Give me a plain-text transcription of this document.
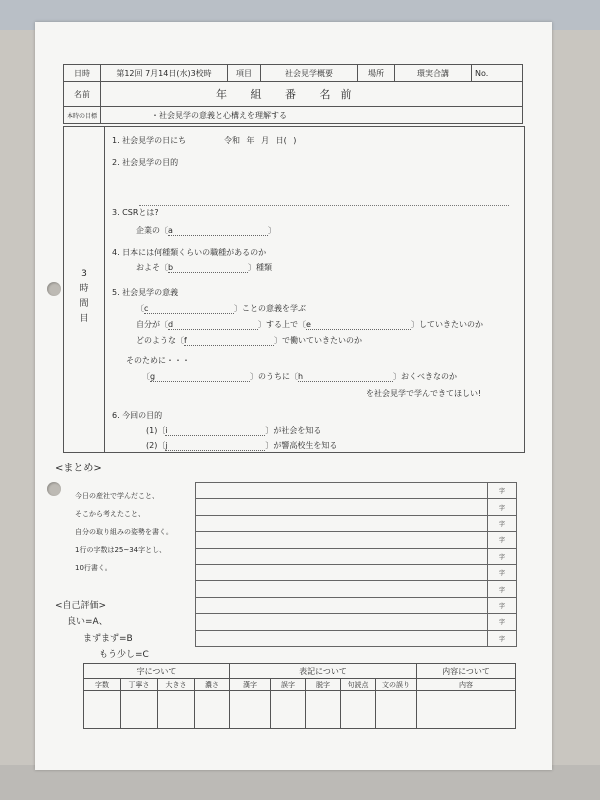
日時	第12回 7月14日(水)3校時	項目	社会見学概要	場所	環実合講	No.
名前	年 組 番 名前					
本時の目標	・社会見学の意義と心構えを理解する					
3
時
間
目
1. 社会見学の日にち	令和 年 月 日( )
2. 社会見学の目的
3. CSRとは?
企業の〔a	〕
4. 日本には何種類くらいの職種があるのか
およそ〔b	〕種類
5. 社会見学の意義
〔c	〕ことの意義を学ぶ
自分が〔d	〕する上で〔e	〕していきたいのか
どのような〔f	〕で働いていきたいのか
そのために・・・
〔g	〕のうちに〔h	〕おくべきなのか
を社会見学で学んできてほしい!
6. 今回の目的
(1)〔i	〕が社会を知る
(2)〔j	〕が響高校生を知る
<まとめ>
今日の産社で学んだこと、
そこから考えたこと、
自分の取り組みの姿勢を書く。
1行の字数は25~34字とし、
10行書く。
	字
	字
	字
	字
	字
	字
	字
	字
	字
	字
<自己評価>
良い=A、
まずまず=B
もう少し=C
字について				表記について					内容について
字数	丁寧さ	大きさ	濃さ	漢字	誤字	脱字	句読点	文の誤り	内容
